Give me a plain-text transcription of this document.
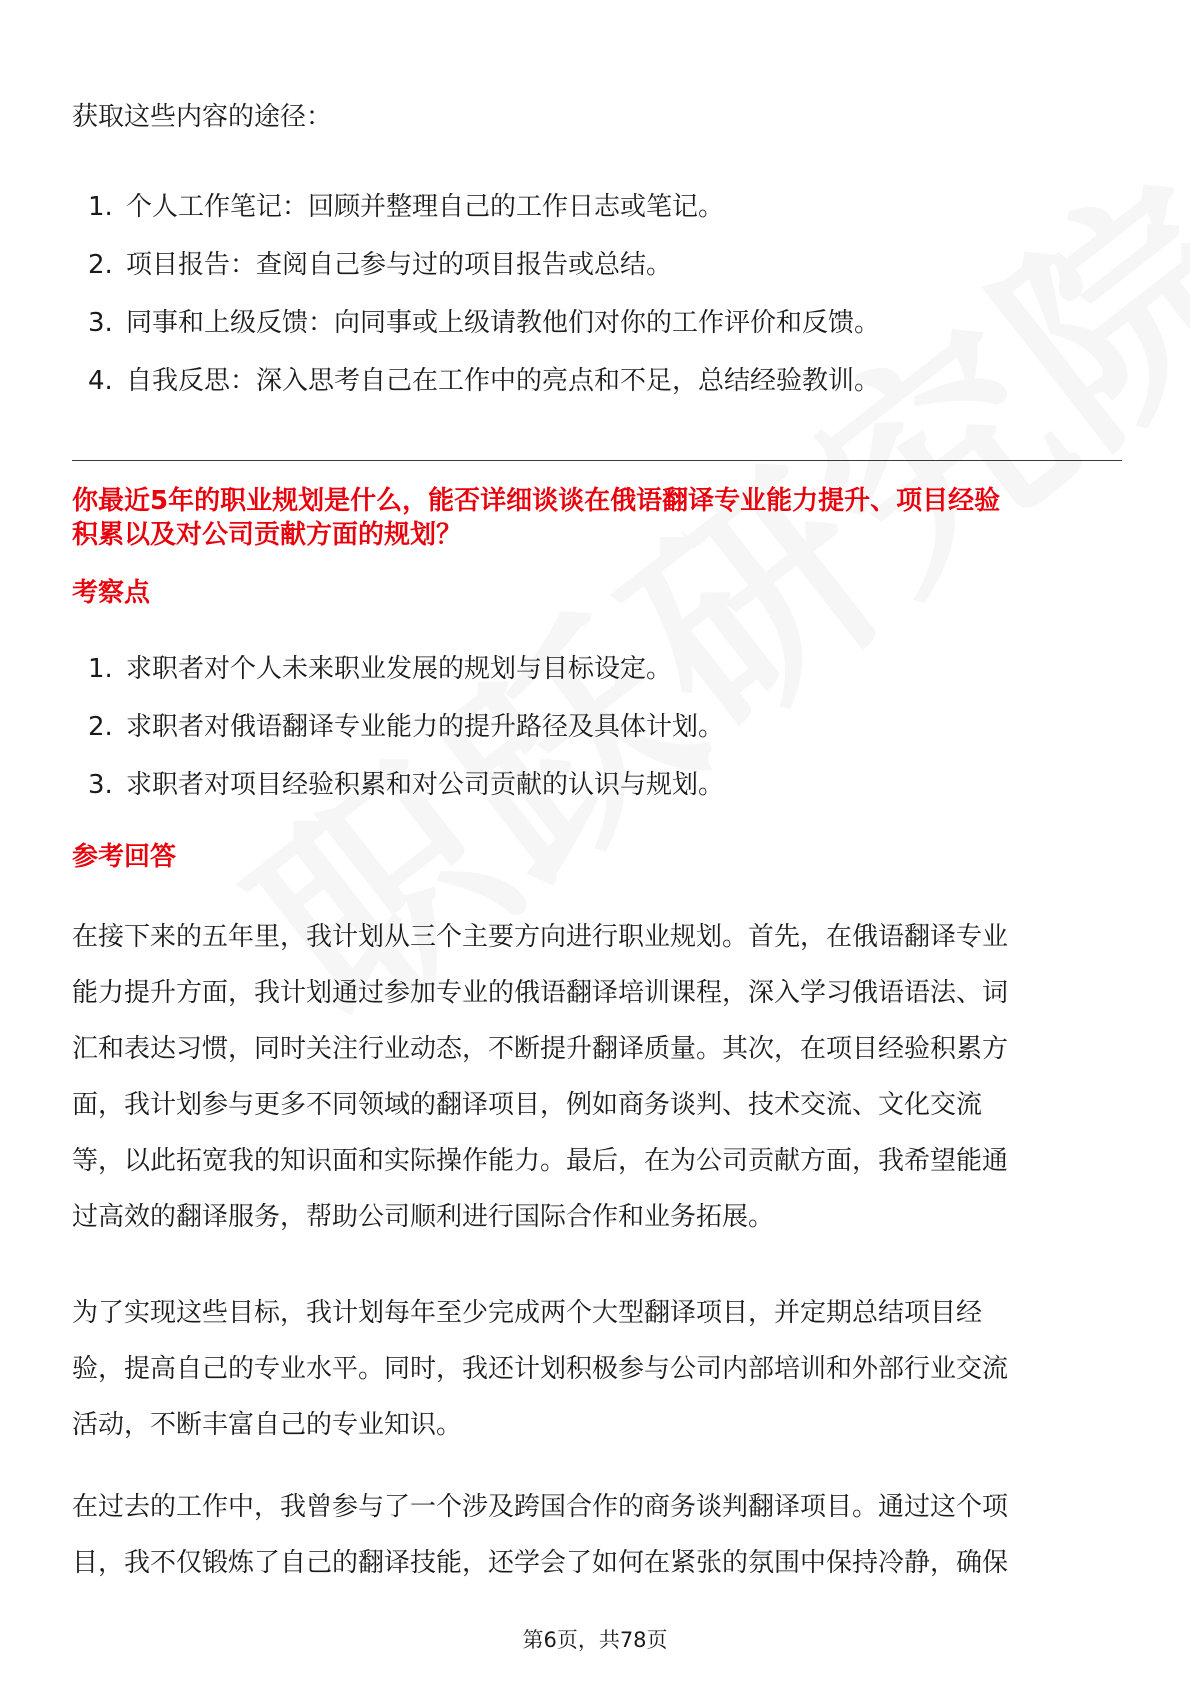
获取这些内容的途径：
1. 个人工作笔记：回顾并整理自己的工作日志或笔记。
2. 项目报告：查阅自己参与过的项目报告或总结。
3. 同事和上级反馈：向同事或上级请教他们对你的工作评价和反馈。
4. 自我反思：深入思考自己在工作中的亮点和不足，总结经验教训。
你最近5年的职业规划是什么，能否详细谈谈在俄语翻译专业能力提升、项目经验
积累以及对公司贡献方面的规划？
考察点
1. 求职者对个人未来职业发展的规划与目标设定。
2. 求职者对俄语翻译专业能力的提升路径及具体计划。
3. 求职者对项目经验积累和对公司贡献的认识与规划。
参考回答
在接下来的五年里，我计划从三个主要方向进行职业规划。首先，在俄语翻译专业
能力提升方面，我计划通过参加专业的俄语翻译培训课程，深入学习俄语语法、词
汇和表达习惯，同时关注行业动态，不断提升翻译质量。其次，在项目经验积累方
面，我计划参与更多不同领域的翻译项目，例如商务谈判、技术交流、文化交流
等，以此拓宽我的知识面和实际操作能力。最后，在为公司贡献方面，我希望能通
过高效的翻译服务，帮助公司顺利进行国际合作和业务拓展。
为了实现这些目标，我计划每年至少完成两个大型翻译项目，并定期总结项目经
验，提高自己的专业水平。同时，我还计划积极参与公司内部培训和外部行业交流
活动，不断丰富自己的专业知识。
在过去的工作中，我曾参与了一个涉及跨国合作的商务谈判翻译项目。通过这个项
目，我不仅锻炼了自己的翻译技能，还学会了如何在紧张的氛围中保持冷静，确保
第6页，共78页
